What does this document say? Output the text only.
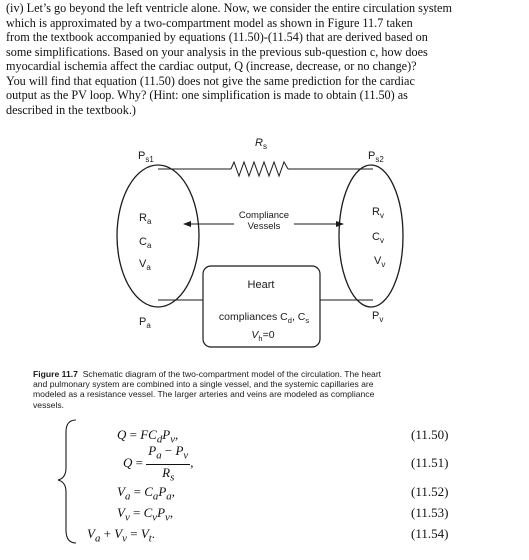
(iv) Let’s go beyond the left ventricle alone. Now, we consider the entire circulation system
which is approximated by a two-compartment model as shown in Figure 11.7 taken
from the textbook accompanied by equations (11.50)-(11.54) that are derived based on
some simplifications. Based on your analysis in the previous sub-question c, how does
myocardial ischemia affect the cardiac output, Q (increase, decrease, or no change)?
You will find that equation (11.50) does not give the same prediction for the cardiac
output as the PV loop. Why? (Hint: one simplification is made to obtain (11.50) as
described in the textbook.)

$R_s$
$P_{s1}$	$P_{s2}$
$R_a$
$C_a$
$V_a$
$P_a$
$R_v$
$C_v$
$V_v$
$P_v$
Compliance
Vessels
Heart
compliances $C_d$, $C_s$
$V_h=0$

Figure 11.7 Schematic diagram of the two-compartment model of the circulation. The heart
and pulmonary system are combined into a single vessel, and the systemic capillaries are
modeled as a resistance vessel. The larger arteries and veins are modeled as compliance
vessels.

$Q = FC_dP_v$,	(11.50)
$Q = \frac{P_a - P_v}{R_s}$ ,	(11.51)
$V_a = C_aP_a$,	(11.52)
$V_v = C_vP_v$,	(11.53)
$V_a + V_v = V_t$.	(11.54)
